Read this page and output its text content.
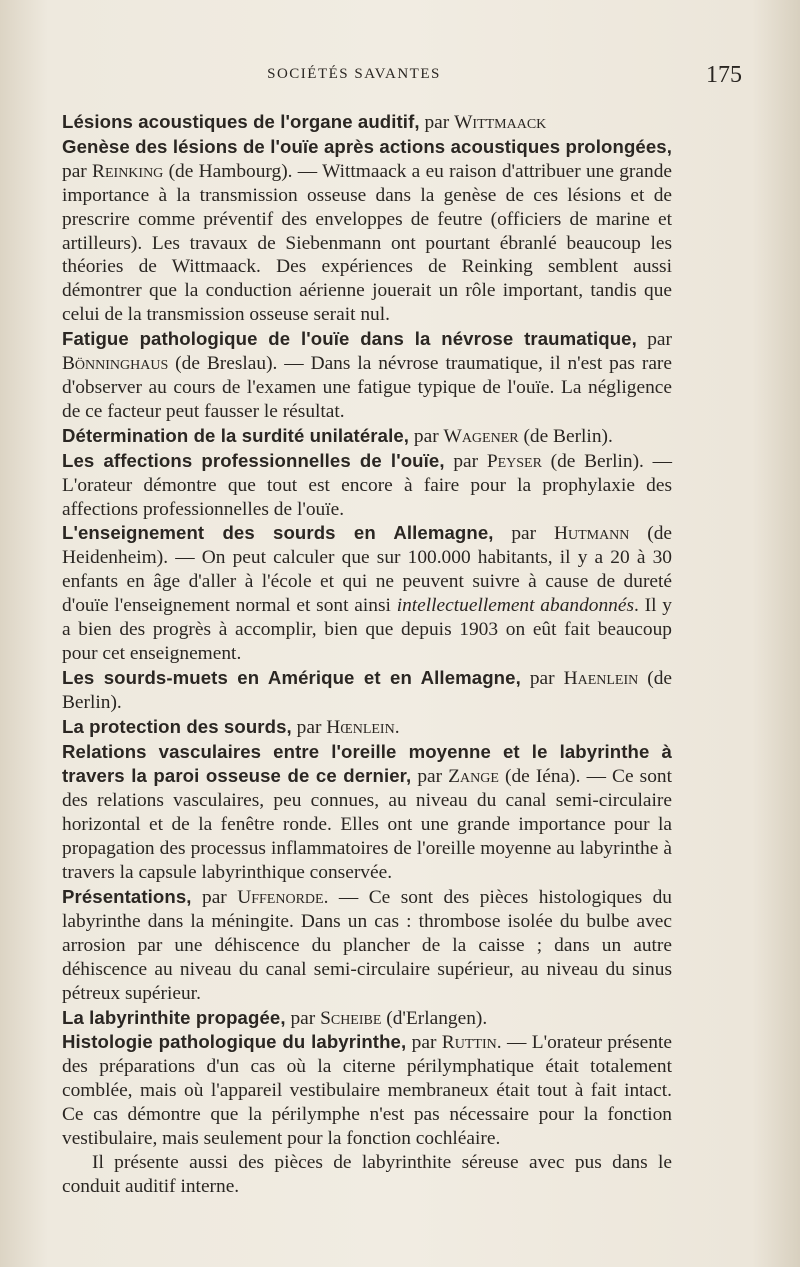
SOCIÉTÉS SAVANTES	175

Lésions acoustiques de l'organe auditif, par Wittmaack

Genèse des lésions de l'ouïe après actions acoustiques prolongées, par Reinking (de Hambourg). — Wittmaack a eu raison d'attribuer une grande importance à la transmission osseuse dans la genèse de ces lésions et de prescrire comme préventif des enveloppes de feutre (officiers de marine et artilleurs). Les travaux de Siebenmann ont pourtant ébranlé beaucoup les théories de Wittmaack. Des expériences de Reinking semblent aussi démontrer que la conduction aérienne jouerait un rôle important, tandis que celui de la transmission osseuse serait nul.

Fatigue pathologique de l'ouïe dans la névrose traumatique, par Bönninghaus (de Breslau). — Dans la névrose traumatique, il n'est pas rare d'observer au cours de l'examen une fatigue typique de l'ouïe. La négligence de ce facteur peut fausser le résultat.

Détermination de la surdité unilatérale, par Wagener (de Berlin).

Les affections professionnelles de l'ouïe, par Peyser (de Berlin). — L'orateur démontre que tout est encore à faire pour la prophylaxie des affections professionnelles de l'ouïe.

L'enseignement des sourds en Allemagne, par Hutmann (de Heidenheim). — On peut calculer que sur 100.000 habitants, il y a 20 à 30 enfants en âge d'aller à l'école et qui ne peuvent suivre à cause de dureté d'ouïe l'enseignement normal et sont ainsi intellectuellement abandonnés. Il y a bien des progrès à accomplir, bien que depuis 1903 on eût fait beaucoup pour cet enseignement.

Les sourds-muets en Amérique et en Allemagne, par Haenlein (de Berlin).

La protection des sourds, par Hœnlein.

Relations vasculaires entre l'oreille moyenne et le labyrinthe à travers la paroi osseuse de ce dernier, par Zange (de Iéna). — Ce sont des relations vasculaires, peu connues, au niveau du canal semi-circulaire horizontal et de la fenêtre ronde. Elles ont une grande importance pour la propagation des processus inflammatoires de l'oreille moyenne au labyrinthe à travers la capsule labyrinthique conservée.

Présentations, par Uffenorde. — Ce sont des pièces histologiques du labyrinthe dans la méningite. Dans un cas : thrombose isolée du bulbe avec arrosion par une déhiscence du plancher de la caisse ; dans un autre déhiscence au niveau du canal semi-circulaire supérieur, au niveau du sinus pétreux supérieur.

La labyrinthite propagée, par Scheibe (d'Erlangen).

Histologie pathologique du labyrinthe, par Ruttin. — L'orateur présente des préparations d'un cas où la citerne périlymphatique était totalement comblée, mais où l'appareil vestibulaire membraneux était tout à fait intact. Ce cas démontre que la périlymphe n'est pas nécessaire pour la fonction vestibulaire, mais seulement pour la fonction cochléaire.

Il présente aussi des pièces de labyrinthite séreuse avec pus dans le conduit auditif interne.
